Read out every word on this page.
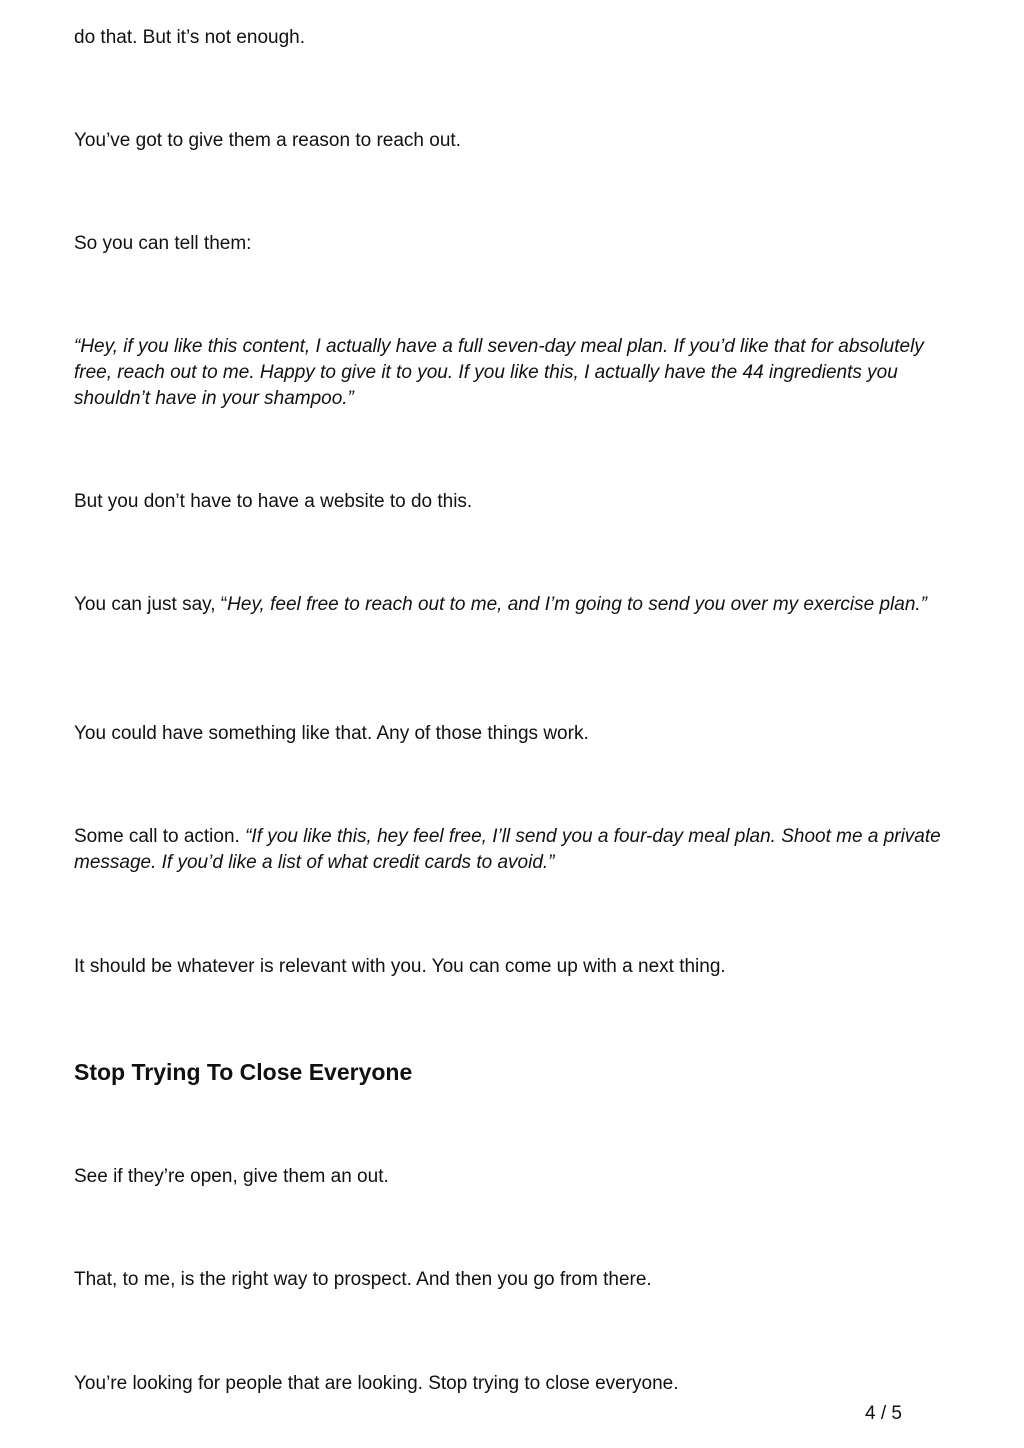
do that. But it’s not enough.

You’ve got to give them a reason to reach out.

So you can tell them:

“Hey, if you like this content, I actually have a full seven-day meal plan. If you’d like that for absolutely free, reach out to me. Happy to give it to you. If you like this, I actually have the 44 ingredients you shouldn’t have in your shampoo.”

But you don’t have to have a website to do this.

You can just say, “Hey, feel free to reach out to me, and I’m going to send you over my exercise plan.”

You could have something like that. Any of those things work.

Some call to action. “If you like this, hey feel free, I’ll send you a four-day meal plan. Shoot me a private message. If you’d like a list of what credit cards to avoid.”

It should be whatever is relevant with you. You can come up with a next thing.

Stop Trying To Close Everyone

See if they’re open, give them an out.

That, to me, is the right way to prospect. And then you go from there.

You’re looking for people that are looking. Stop trying to close everyone.

4 / 5
